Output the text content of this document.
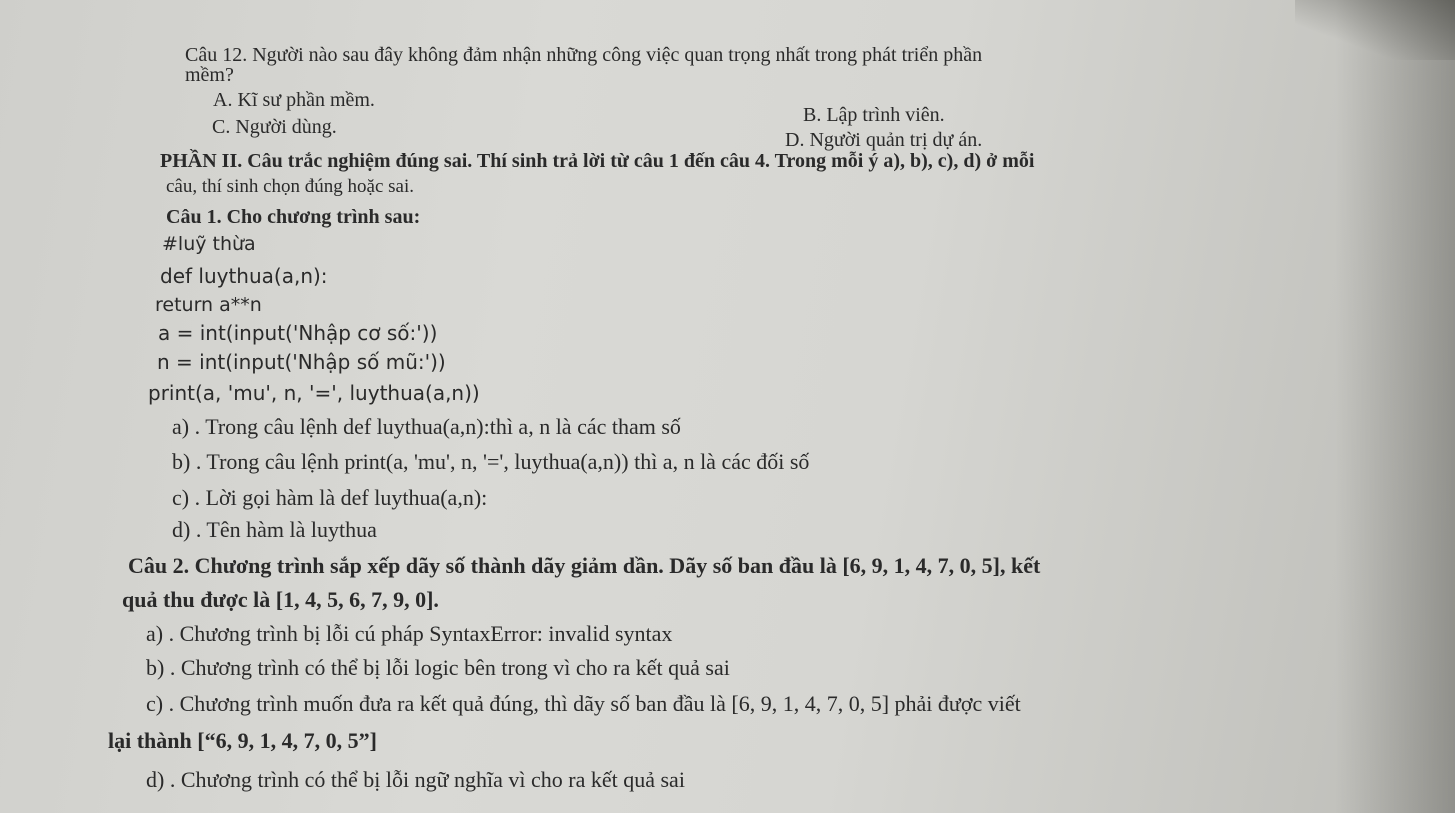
Câu 12. Người nào sau đây không đảm nhận những công việc quan trọng nhất trong phát triển phần
mềm?
A. Kĩ sư phần mềm.
B. Lập trình viên.
C. Người dùng.
D. Người quản trị dự án.
PHẦN II. Câu trắc nghiệm đúng sai. Thí sinh trả lời từ câu 1 đến câu 4. Trong mỗi ý a), b), c), d) ở mỗi
câu, thí sinh chọn đúng hoặc sai.
Câu 1. Cho chương trình sau:
#luỹ thừa
def luythua(a,n):
return a**n
a = int(input('Nhập cơ số:'))
n = int(input('Nhập số mũ:'))
print(a, 'mu', n, '=', luythua(a,n))
a) . Trong câu lệnh def luythua(a,n):thì a, n là các tham số
b) . Trong câu lệnh print(a, 'mu', n, '=', luythua(a,n)) thì a, n là các đối số
c) . Lời gọi hàm là def luythua(a,n):
d) . Tên hàm là luythua
Câu 2. Chương trình sắp xếp dãy số thành dãy giảm dần. Dãy số ban đầu là [6, 9, 1, 4, 7, 0, 5], kết
quả thu được là [1, 4, 5, 6, 7, 9, 0].
a) . Chương trình bị lỗi cú pháp SyntaxError: invalid syntax
b) . Chương trình có thể bị lỗi logic bên trong vì cho ra kết quả sai
c) . Chương trình muốn đưa ra kết quả đúng, thì dãy số ban đầu là [6, 9, 1, 4, 7, 0, 5] phải được viết
lại thành [“6, 9, 1, 4, 7, 0, 5”]
d) . Chương trình có thể bị lỗi ngữ nghĩa vì cho ra kết quả sai
